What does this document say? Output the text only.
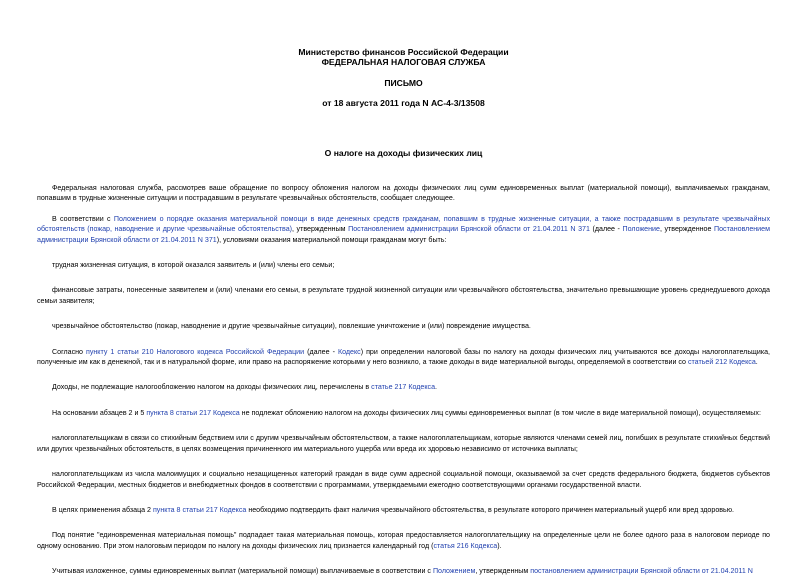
Министерство финансов Российской Федерации
ФЕДЕРАЛЬНАЯ НАЛОГОВАЯ СЛУЖБА
ПИСЬМО
от 18 августа 2011 года N АС-4-3/13508
О налоге на доходы физических лиц

Федеральная налоговая служба, рассмотрев ваше обращение по вопросу обложения налогом на доходы физических лиц сумм единовременных выплат (материальной помощи), выплачиваемых гражданам, попавшим в трудные жизненные ситуации и пострадавшим в результате чрезвычайных обстоятельств, сообщает следующее.

В соответствии с Положением о порядке оказания материальной помощи в виде денежных средств гражданам, попавшим в трудные жизненные ситуации, а также пострадавшим в результате чрезвычайных обстоятельств (пожар, наводнение и другие чрезвычайные обстоятельства), утвержденным Постановлением администрации Брянской области от 21.04.2011 N 371 (далее - Положение, утвержденное Постановлением администрации Брянской области от 21.04.2011 N 371), условиями оказания материальной помощи гражданам могут быть:

трудная жизненная ситуация, в которой оказался заявитель и (или) члены его семьи;

финансовые затраты, понесенные заявителем и (или) членами его семьи, в результате трудной жизненной ситуации или чрезвычайного обстоятельства, значительно превышающие уровень среднедушевого дохода семьи заявителя;

чрезвычайное обстоятельство (пожар, наводнение и другие чрезвычайные ситуации), повлекшие уничтожение и (или) повреждение имущества.

Согласно пункту 1 статьи 210 Налогового кодекса Российской Федерации (далее - Кодекс) при определении налоговой базы по налогу на доходы физических лиц учитываются все доходы налогоплательщика, полученные им как в денежной, так и в натуральной форме, или право на распоряжение которыми у него возникло, а также доходы в виде материальной выгоды, определяемой в соответствии со статьей 212 Кодекса.

Доходы, не подлежащие налогообложению налогом на доходы физических лиц, перечислены в статье 217 Кодекса.

На основании абзацев 2 и 5 пункта 8 статьи 217 Кодекса не подлежат обложению налогом на доходы физических лиц суммы единовременных выплат (в том числе в виде материальной помощи), осуществляемых:

налогоплательщикам в связи со стихийным бедствием или с другим чрезвычайным обстоятельством, а также налогоплательщикам, которые являются членами семей лиц, погибших в результате стихийных бедствий или других чрезвычайных обстоятельств, в целях возмещения причиненного им материального ущерба или вреда их здоровью независимо от источника выплаты;

налогоплательщикам из числа малоимущих и социально незащищенных категорий граждан в виде сумм адресной социальной помощи, оказываемой за счет средств федерального бюджета, бюджетов субъектов Российской Федерации, местных бюджетов и внебюджетных фондов в соответствии с программами, утверждаемыми ежегодно соответствующими органами государственной власти.

В целях применения абзаца 2 пункта 8 статьи 217 Кодекса необходимо подтвердить факт наличия чрезвычайного обстоятельства, в результате которого причинен материальный ущерб или вред здоровью.

Под понятие "единовременная материальная помощь" подпадает такая материальная помощь, которая предоставляется налогоплательщику на определенные цели не более одного раза в налоговом периоде по одному основанию. При этом налоговым периодом по налогу на доходы физических лиц признается календарный год (статья 216 Кодекса).

Учитывая изложенное, суммы единовременных выплат (материальной помощи) выплачиваемые в соответствии с Положением, утвержденным постановлением администрации Брянской области от 21.04.2011 N
